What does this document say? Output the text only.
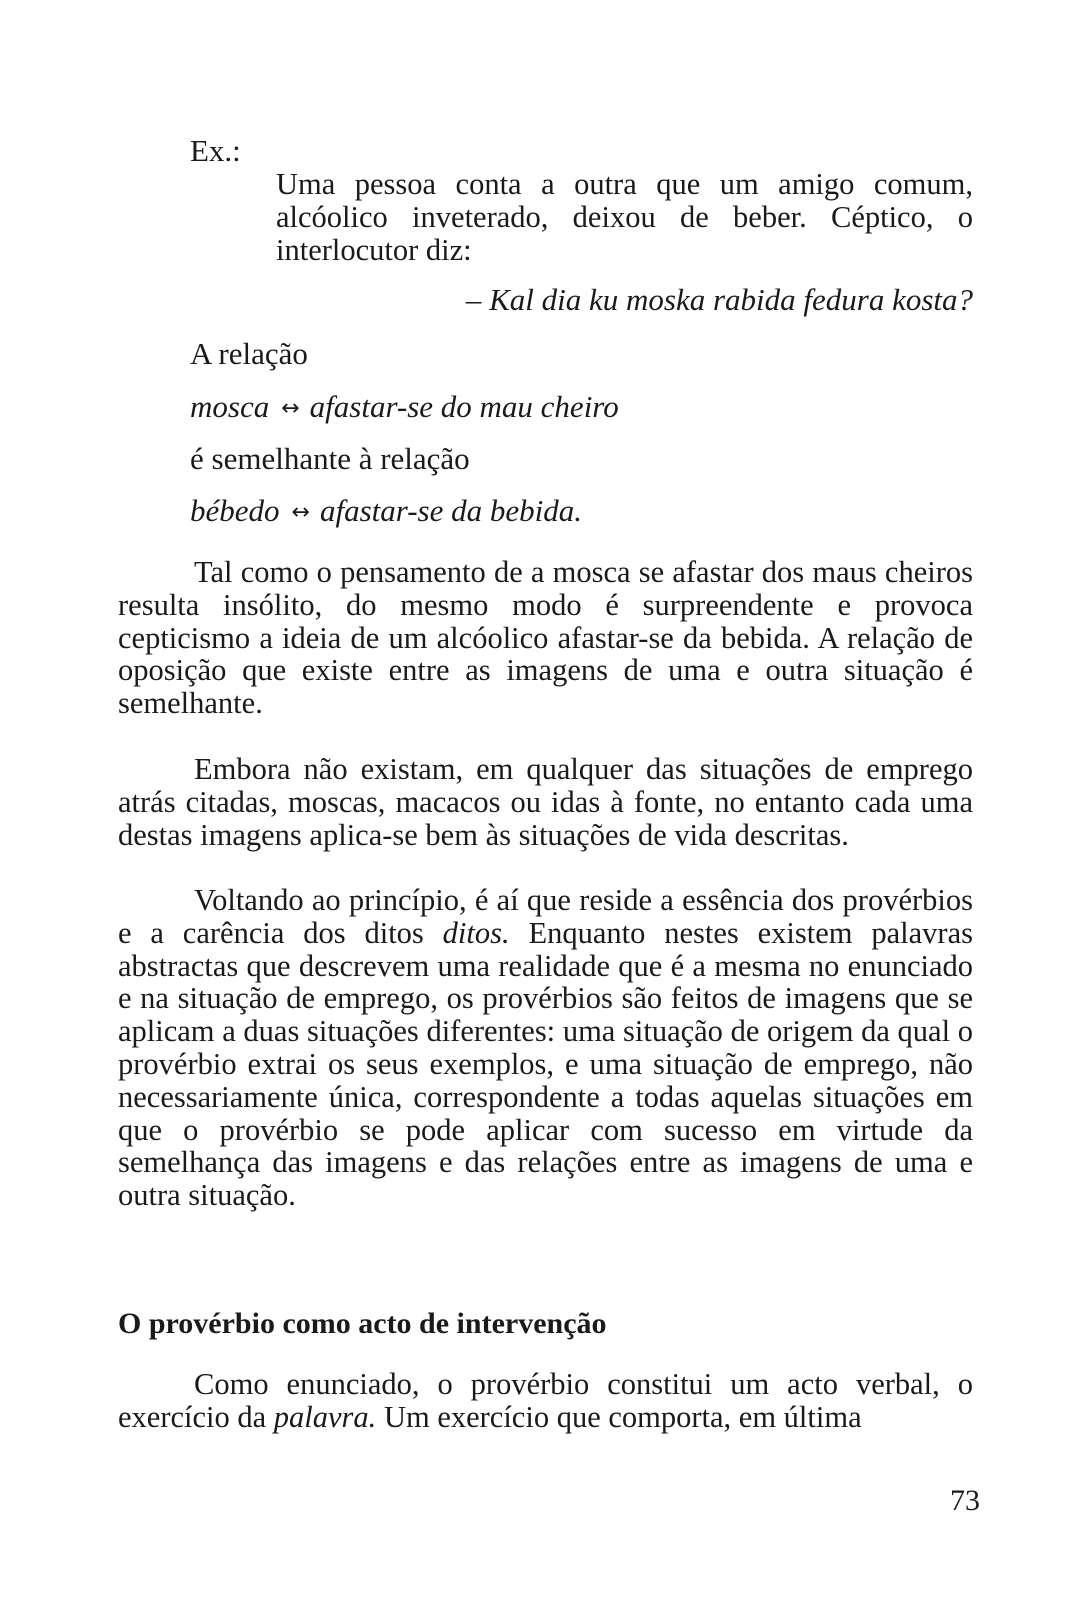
Ex.:

Uma pessoa conta a outra que um amigo comum, alcóolico inveterado, deixou de beber. Céptico, o interlocutor diz:

– Kal dia ku moska rabida fedura kosta?
A relação
mosca ↔ afastar-se do mau cheiro
é semelhante à relação
bébedo ↔ afastar-se da bebida.

Tal como o pensamento de a mosca se afastar dos maus cheiros resulta insólito, do mesmo modo é surpreendente e provoca cepticismo a ideia de um alcóolico afastar-se da bebida. A relação de oposição que existe entre as imagens de uma e outra situação é semelhante.

Embora não existam, em qualquer das situações de emprego atrás citadas, moscas, macacos ou idas à fonte, no entanto cada uma destas imagens aplica-se bem às situações de vida descritas.

Voltando ao princípio, é aí que reside a essência dos provérbios e a carência dos ditos ditos. Enquanto nestes existem palavras abstractas que descrevem uma realidade que é a mesma no enunciado e na situação de emprego, os provérbios são feitos de imagens que se aplicam a duas situações diferentes: uma situação de origem da qual o provérbio extrai os seus exemplos, e uma situação de emprego, não necessariamente única, correspondente a todas aquelas situações em que o provérbio se pode aplicar com sucesso em virtude da semelhança das imagens e das relações entre as imagens de uma e outra situação.

O provérbio como acto de intervenção

Como enunciado, o provérbio constitui um acto verbal, o exercício da palavra. Um exercício que comporta, em última

73
